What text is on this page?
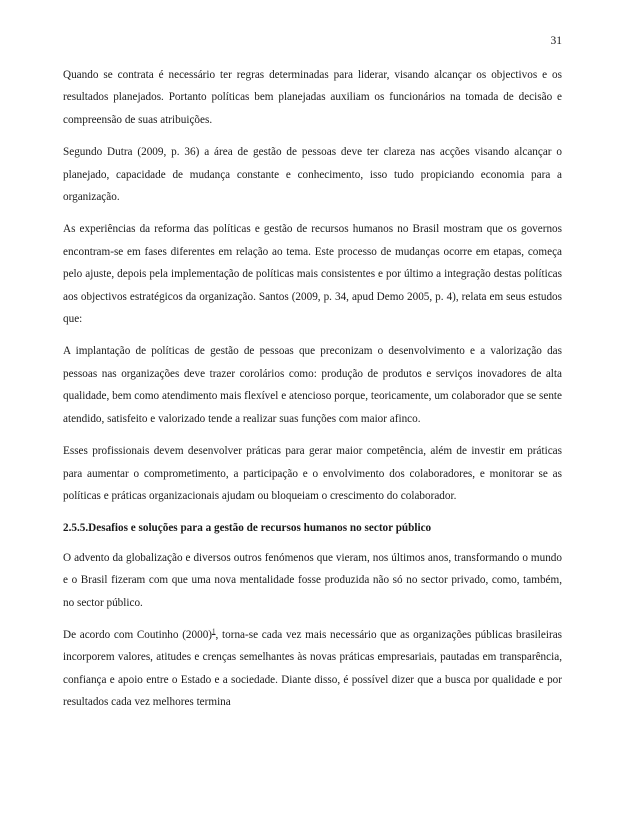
31

Quando se contrata é necessário ter regras determinadas para liderar, visando alcançar os objectivos e os resultados planejados. Portanto políticas bem planejadas auxiliam os funcionários na tomada de decisão e compreensão de suas atribuições.

Segundo Dutra (2009, p. 36) a área de gestão de pessoas deve ter clareza nas acções visando alcançar o planejado, capacidade de mudança constante e conhecimento, isso tudo propiciando economia para a organização.

As experiências da reforma das políticas e gestão de recursos humanos no Brasil mostram que os governos encontram-se em fases diferentes em relação ao tema. Este processo de mudanças ocorre em etapas, começa pelo ajuste, depois pela implementação de políticas mais consistentes e por último a integração destas políticas aos objectivos estratégicos da organização. Santos (2009, p. 34, apud Demo 2005, p. 4), relata em seus estudos que:

A implantação de políticas de gestão de pessoas que preconizam o desenvolvimento e a valorização das pessoas nas organizações deve trazer corolários como: produção de produtos e serviços inovadores de alta qualidade, bem como atendimento mais flexível e atencioso porque, teoricamente, um colaborador que se sente atendido, satisfeito e valorizado tende a realizar suas funções com maior afinco.

Esses profissionais devem desenvolver práticas para gerar maior competência, além de investir em práticas para aumentar o comprometimento, a participação e o envolvimento dos colaboradores, e monitorar se as políticas e práticas organizacionais ajudam ou bloqueiam o crescimento do colaborador.

2.5.5.Desafios e soluções para a gestão de recursos humanos no sector público

O advento da globalização e diversos outros fenómenos que vieram, nos últimos anos, transformando o mundo e o Brasil fizeram com que uma nova mentalidade fosse produzida não só no sector privado, como, também, no sector público.

De acordo com Coutinho (2000)$^1$, torna-se cada vez mais necessário que as organizações públicas brasileiras incorporem valores, atitudes e crenças semelhantes às novas práticas empresariais, pautadas em transparência, confiança e apoio entre o Estado e a sociedade. Diante disso, é possível dizer que a busca por qualidade e por resultados cada vez melhores termina
